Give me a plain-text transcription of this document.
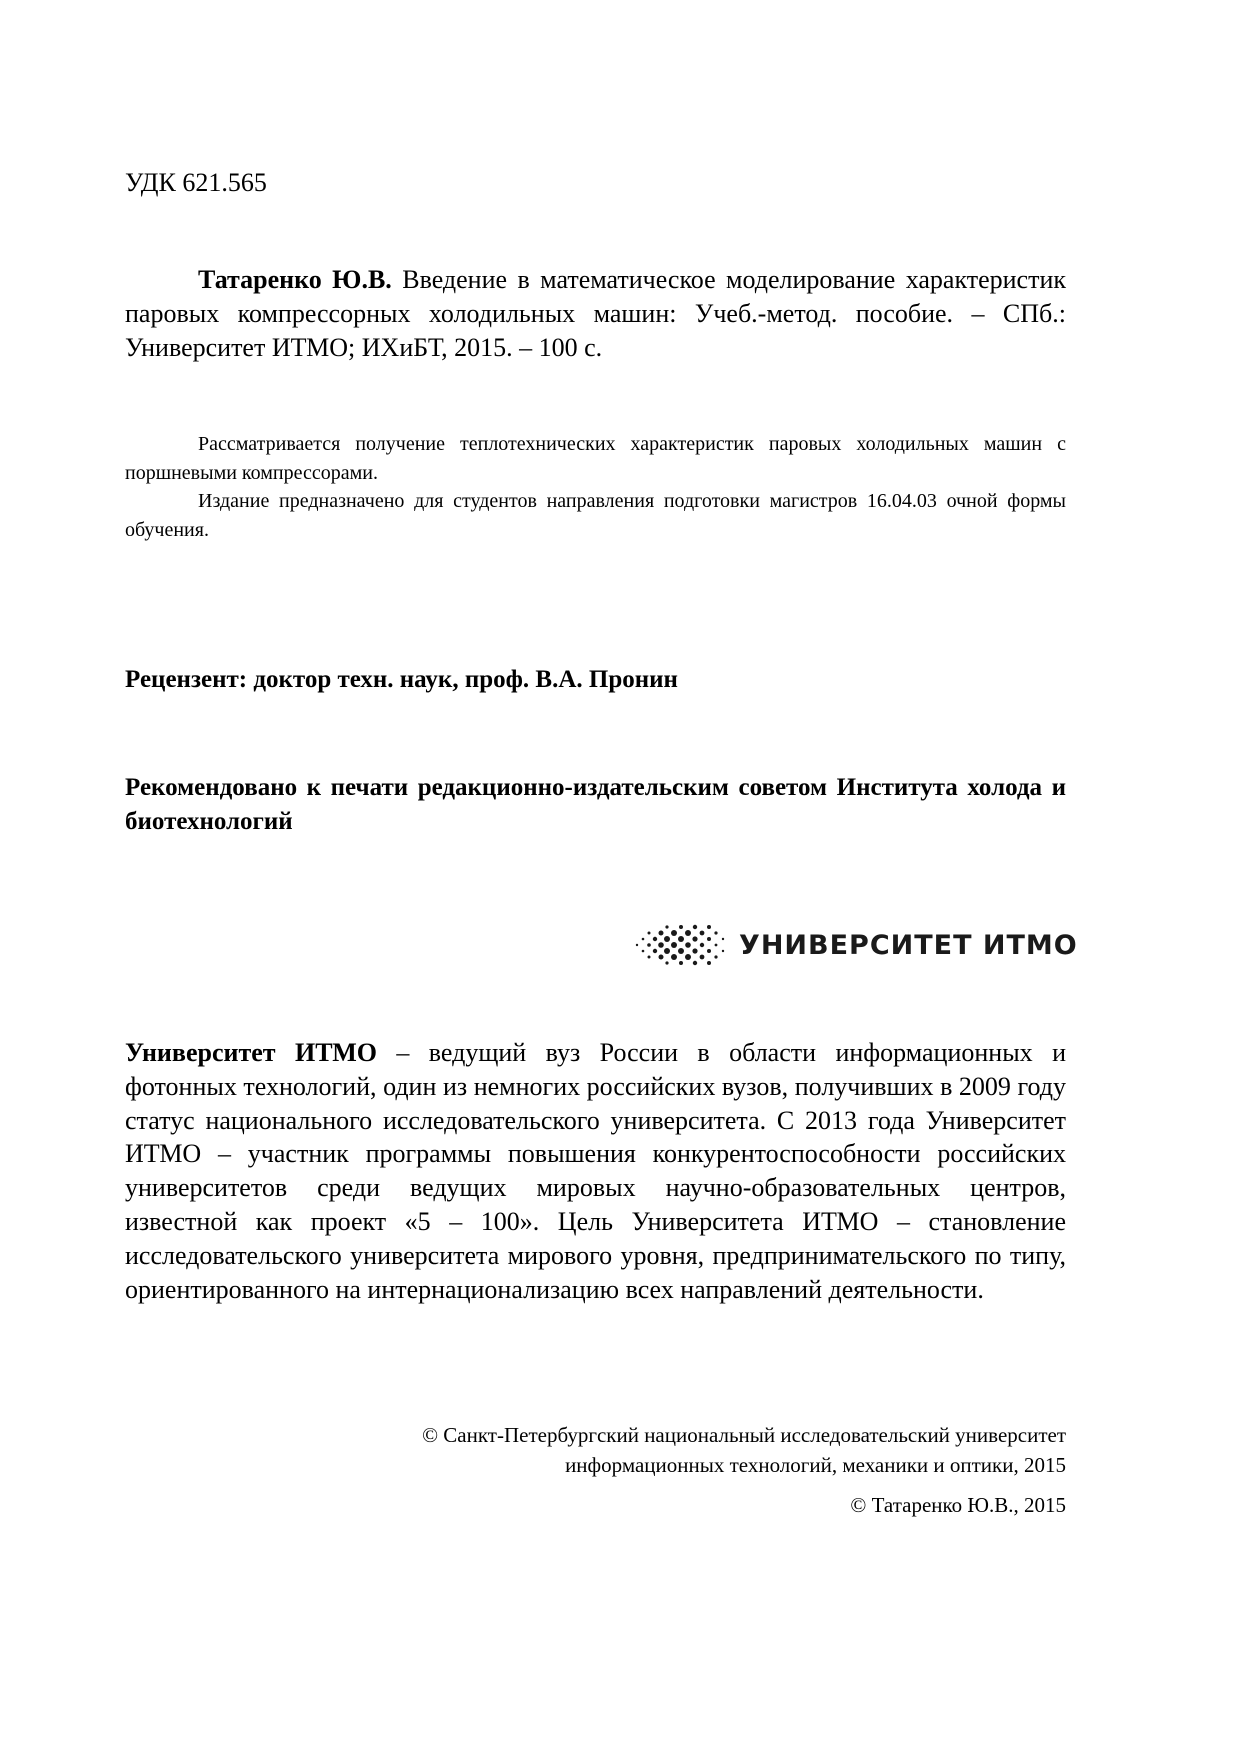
УДК 621.565
Татаренко Ю.В. Введение в математическое моделирование характеристик паровых компрессорных холодильных машин: Учеб.-метод. пособие. – СПб.: Университет ИТМО; ИХиБТ, 2015. – 100 с.

Рассматривается получение теплотехнических характеристик паровых холодильных машин с поршневыми компрессорами.

Издание предназначено для студентов направления подготовки магистров 16.04.03 очной формы обучения.

Рецензент: доктор техн. наук, проф. В.А. Пронин
Рекомендовано к печати редакционно-издательским советом Института холода и биотехнологий
УНИВЕРСИТЕТ ИТМО
Университет ИТМО – ведущий вуз России в области информационных и фотонных технологий, один из немногих российских вузов, получивших в 2009 году статус национального исследовательского университета. С 2013 года Университет ИТМО – участник программы повышения конкурентоспособности российских университетов среди ведущих мировых научно-образовательных центров, известной как проект «5 – 100». Цель Университета ИТМО – становление исследовательского университета мирового уровня, предпринимательского по типу, ориентированного на интернационализацию всех направлений деятельности.
© Санкт-Петербургский национальный исследовательский университет
информационных технологий, механики и оптики, 2015
© Татаренко Ю.В., 2015
